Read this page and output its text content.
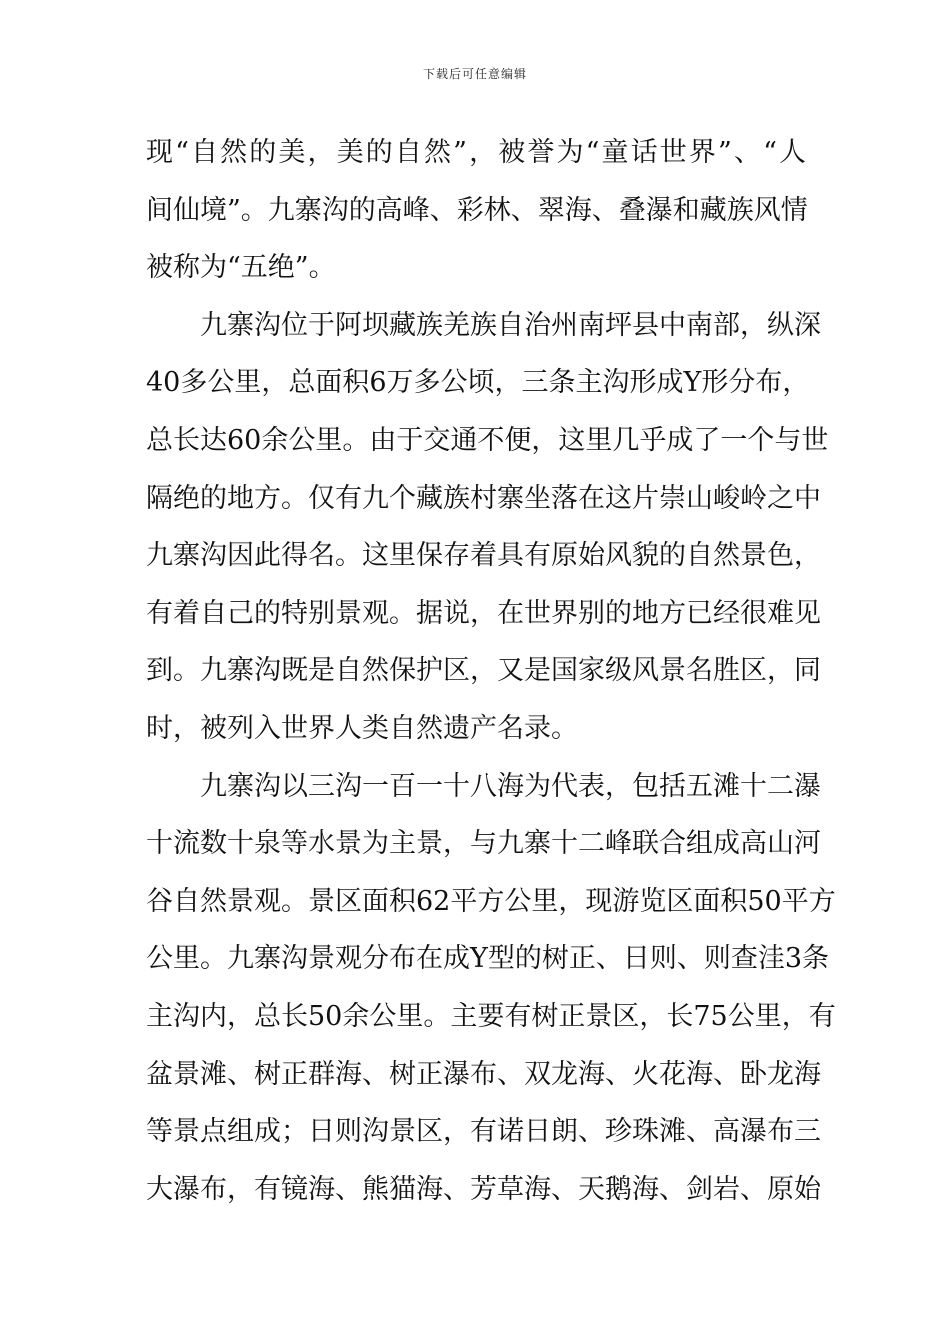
下载后可任意编辑
现“自然的美，美的自然”，被誉为“童话世界”、“人
间仙境”。九寨沟的高峰、彩林、翠海、叠瀑和藏族风情
被称为“五绝”。
九寨沟位于阿坝藏族羌族自治州南坪县中南部，纵深
40多公里，总面积6万多公顷，三条主沟形成Y形分布，
总长达60余公里。由于交通不便，这里几乎成了一个与世
隔绝的地方。仅有九个藏族村寨坐落在这片崇山峻岭之中
九寨沟因此得名。这里保存着具有原始风貌的自然景色，
有着自己的特别景观。据说，在世界别的地方已经很难见
到。九寨沟既是自然保护区，又是国家级风景名胜区，同
时，被列入世界人类自然遗产名录。
九寨沟以三沟一百一十八海为代表，包括五滩十二瀑
十流数十泉等水景为主景，与九寨十二峰联合组成高山河
谷自然景观。景区面积62平方公里，现游览区面积50平方
公里。九寨沟景观分布在成Y型的树正、日则、则查洼3条
主沟内，总长50余公里。主要有树正景区，长75公里，有
盆景滩、树正群海、树正瀑布、双龙海、火花海、卧龙海
等景点组成；日则沟景区，有诺日朗、珍珠滩、高瀑布三
大瀑布，有镜海、熊猫海、芳草海、天鹅海、剑岩、原始
